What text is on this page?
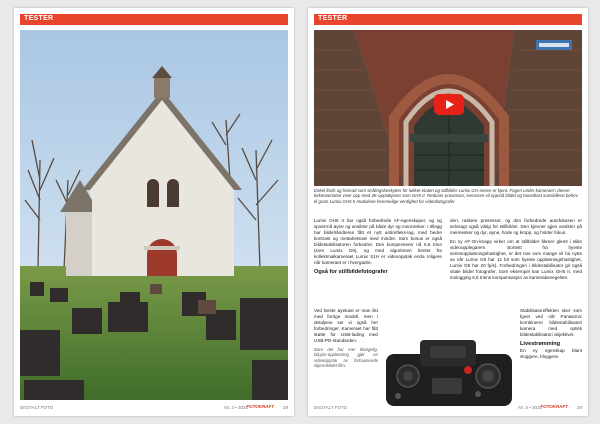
TESTER
DIGITALT FOTO	Nr. 3 • 2021
FOTOKRAFT 29
TESTER
Enkel flash og fremad som strålingsbeskytter for lukket etaten og stilbilder Lumix GH-serien er kjent. Fagen under kameraet i denne kirkeoverlaten viser opp med 4K-opptakjoner som GH5 II. Reduser prosessor, sensoren vil oppstå bildet og hovedlast sunskilleve behov til gram Lumix GH5 II modulene hemmelige verdighet for videofotografer.

Lumix GH5 II har også forbedrede AF-egenskaper, og og spoerrnå øyne og ansikter på både dyr og mennesker. I tillegg har bildehåndteren fått et nytt antirefleks-lag, med bedre kontrast og mettahetsnæ med mindre. Som bonus er også bildestabilisatoren forbedret. Den kompenserer nå 6,5 trinn (som Lumix G9), og med algoritmen hentet fra kollektmalkameraet Lumix S1H er videoopptak enda roligere når kameraet er i hvergadre.

Også for stillbildefotografer

Ved første øyekast er man likt med forrige modell, men i detaljene ser vi også her forbedringer. Kameraet har fått støtte for USB-lading med USB-PD-standarden.

Bare det har mer tilnøgslig, blippin-oppløsning gjør en videoopptak av forbausende skjermbildet film.

den, raskere prosessor, og den forbedrede autofokusen er selvsagt også viktig for stillbilder. Den kjenner igjen ansikter på mennesker og dyr, øyne, hode og kropp, og holder fokus.

En ny AF-On-knapp virker om at stillbilder åkreer glemt i slike videoopplegarem. Borteitt fra hyeste seriesoppløsningshastighet, er det noe som mange vil ha nytte av når Lumix G9 har 12 bit som hyeste oppløsningshastighet, Lumix G9 har 20 fp/s). Forbedringen i bildestabilisator gir også vitale bilder fotografer. Som eksempel kan Lumix GH5 II, med innlogging 6,5 trinns kompensasjon av kamerabevegelser.

Stabilisatoreffekten sker som fgvet ved når Panasonic kombinerer bildestabilisatori kamera med optisk bildestabilisatori objektivet.

Livestrømming

En ny egenskap blant vloggere, bloggere.

DIGITALT FOTO	Nr. 3 • 2021
FOTOKRAFT 29
